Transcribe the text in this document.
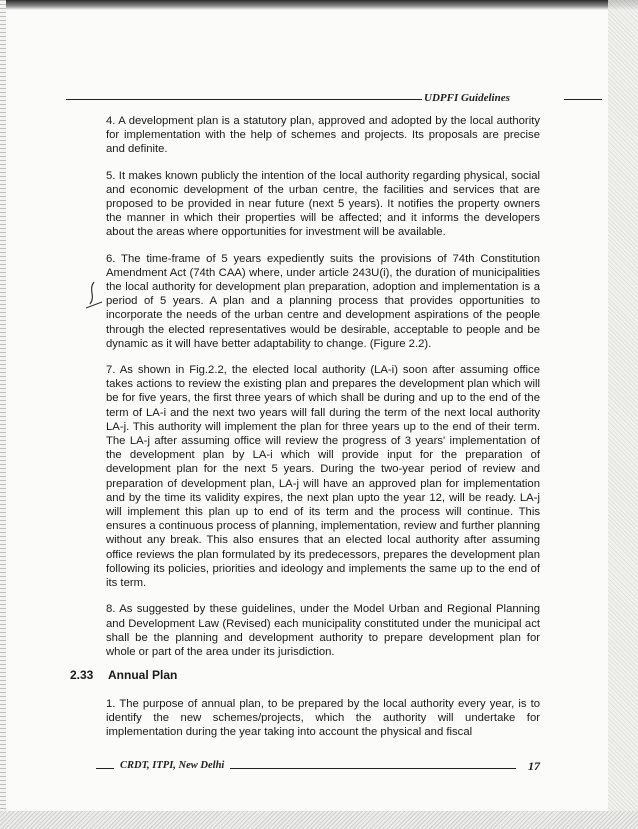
UDPFI Guidelines

4. A development plan is a statutory plan, approved and adopted by the local authority for implementation with the help of schemes and projects. Its proposals are precise and definite.

5. It makes known publicly the intention of the local authority regarding physical, social and economic development of the urban centre, the facilities and services that are proposed to be provided in near future (next 5 years). It notifies the property owners the manner in which their properties will be affected; and it informs the developers about the areas where opportunities for investment will be available.

6. The time-frame of 5 years expediently suits the provisions of 74th Constitution Amendment Act (74th CAA) where, under article 243U(i), the duration of municipalities the local authority for development plan preparation, adoption and implementation is a period of 5 years. A plan and a planning process that provides opportunities to incorporate the needs of the urban centre and development aspirations of the people through the elected representatives would be desirable, acceptable to people and be dynamic as it will have better adaptability to change. (Figure 2.2).

7. As shown in Fig.2.2, the elected local authority (LA-i) soon after assuming office takes actions to review the existing plan and prepares the development plan which will be for five years, the first three years of which shall be during and up to the end of the term of LA-i and the next two years will fall during the term of the next local authority LA-j. This authority will implement the plan for three years up to the end of their term. The LA-j after assuming office will review the progress of 3 years' implementation of the development plan by LA-i which will provide input for the preparation of development plan for the next 5 years. During the two-year period of review and preparation of development plan, LA-j will have an approved plan for implementation and by the time its validity expires, the next plan upto the year 12, will be ready. LA-j will implement this plan up to end of its term and the process will continue. This ensures a continuous process of planning, implementation, review and further planning without any break. This also ensures that an elected local authority after assuming office reviews the plan formulated by its predecessors, prepares the development plan following its policies, priorities and ideology and implements the same up to the end of its term.

8. As suggested by these guidelines, under the Model Urban and Regional Planning and Development Law (Revised) each municipality constituted under the municipal act shall be the planning and development authority to prepare development plan for whole or part of the area under its jurisdiction.

2.33 Annual Plan

1. The purpose of annual plan, to be prepared by the local authority every year, is to identify the new schemes/projects, which the authority will undertake for implementation during the year taking into account the physical and fiscal

CRDT, ITPI, New Delhi	17
